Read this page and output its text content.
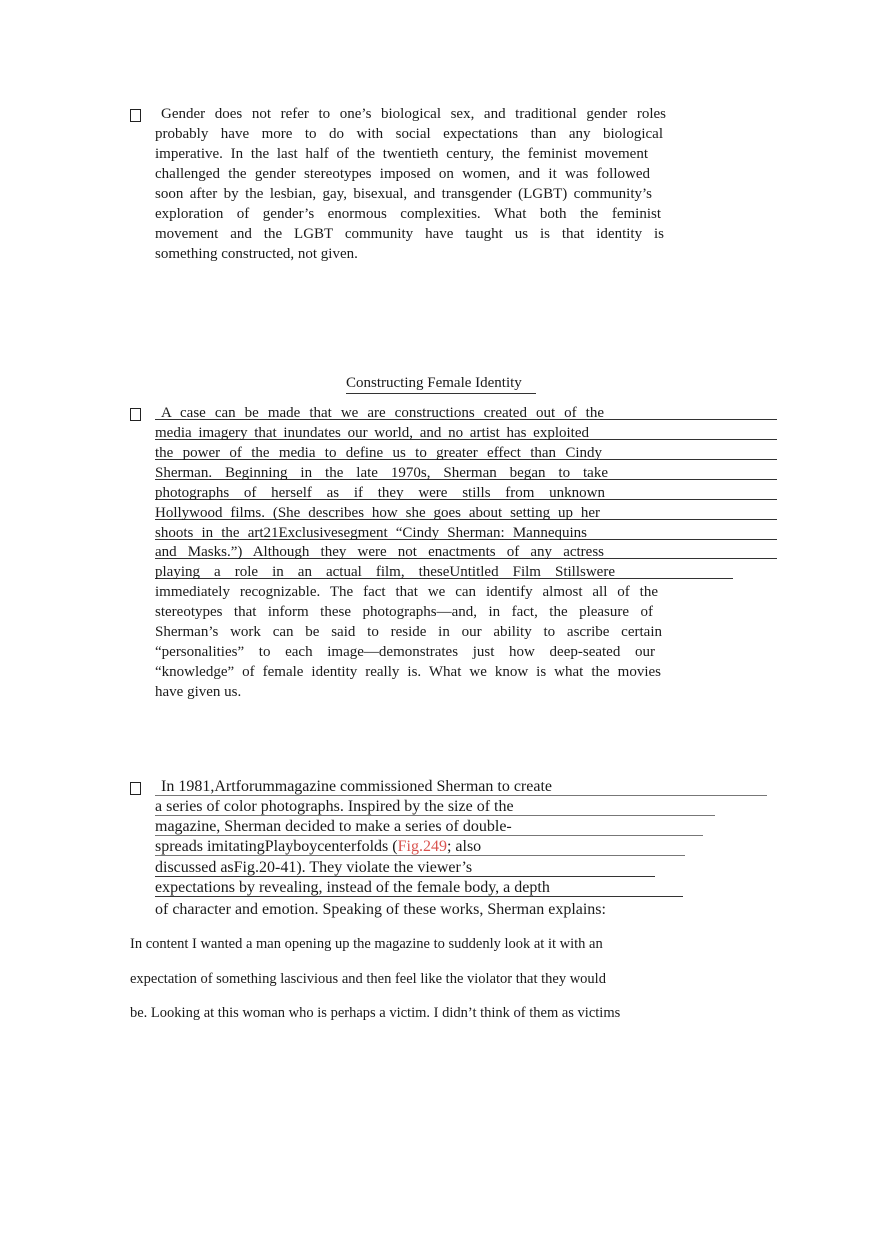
Gender does not refer to one’s biological sex, and traditional gender roles
probably have more to do with social expectations than any biological
imperative. In the last half of the twentieth century, the feminist movement
challenged the gender stereotypes imposed on women, and it was followed
soon after by the lesbian, gay, bisexual, and transgender (LGBT) community’s
exploration of gender’s enormous complexities. What both the feminist
movement and the LGBT community have taught us is that identity is
something constructed, not given.
Constructing Female Identity
A case can be made that we are constructions created out of the
media imagery that inundates our world, and no artist has exploited
the power of the media to define us to greater effect than Cindy
Sherman. Beginning in the late 1970s, Sherman began to take
photographs of herself as if they were stills from unknown
Hollywood films. (She describes how she goes about setting up her
shoots in the art21Exclusivesegment “Cindy Sherman: Mannequins
and Masks.”) Although they were not enactments of any actress
playing a role in an actual film, theseUntitled Film Stillswere
immediately recognizable. The fact that we can identify almost all of the
stereotypes that inform these photographs—and, in fact, the pleasure of
Sherman’s work can be said to reside in our ability to ascribe certain
“personalities” to each image—demonstrates just how deep-seated our
“knowledge” of female identity really is. What we know is what the movies
have given us.
In 1981,Artforummagazine commissioned Sherman to create
a series of color photographs. Inspired by the size of the
magazine, Sherman decided to make a series of double-
spreads imitatingPlayboycenterfolds (Fig.249; also
discussed asFig.20-41). They violate the viewer’s
expectations by revealing, instead of the female body, a depth
of character and emotion. Speaking of these works, Sherman explains:
In content I wanted a man opening up the magazine to suddenly look at it with an
expectation of something lascivious and then feel like the violator that they would
be. Looking at this woman who is perhaps a victim. I didn’t think of them as victims
